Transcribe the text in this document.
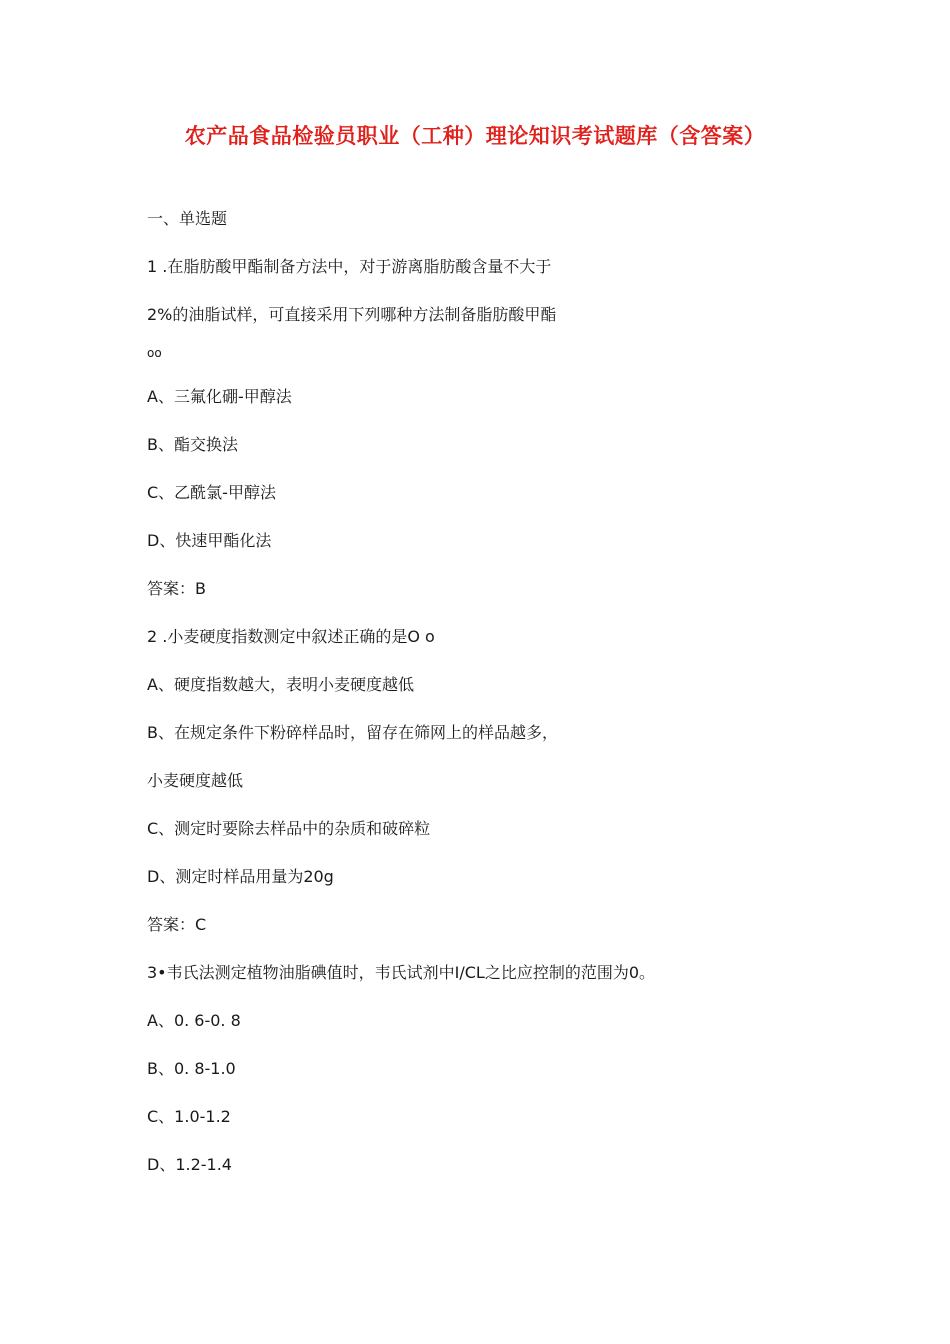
农产品食品检验员职业（工种）理论知识考试题库（含答案）
一、单选题
1 .在脂肪酸甲酯制备方法中，对于游离脂肪酸含量不大于
2%的油脂试样，可直接采用下列哪种方法制备脂肪酸甲酯
oo
A、三氟化硼-甲醇法
B、酯交换法
C、乙酰氯-甲醇法
D、快速甲酯化法
答案：B
2 .小麦硬度指数测定中叙述正确的是O o
A、硬度指数越大，表明小麦硬度越低
B、在规定条件下粉碎样品时，留存在筛网上的样品越多，
小麦硬度越低
C、测定时要除去样品中的杂质和破碎粒
D、测定时样品用量为20g
答案：C
3•韦氏法测定植物油脂碘值时，韦氏试剂中I/CL之比应控制的范围为0。
A、0. 6-0. 8
B、0. 8-1.0
C、1.0-1.2
D、1.2-1.4
